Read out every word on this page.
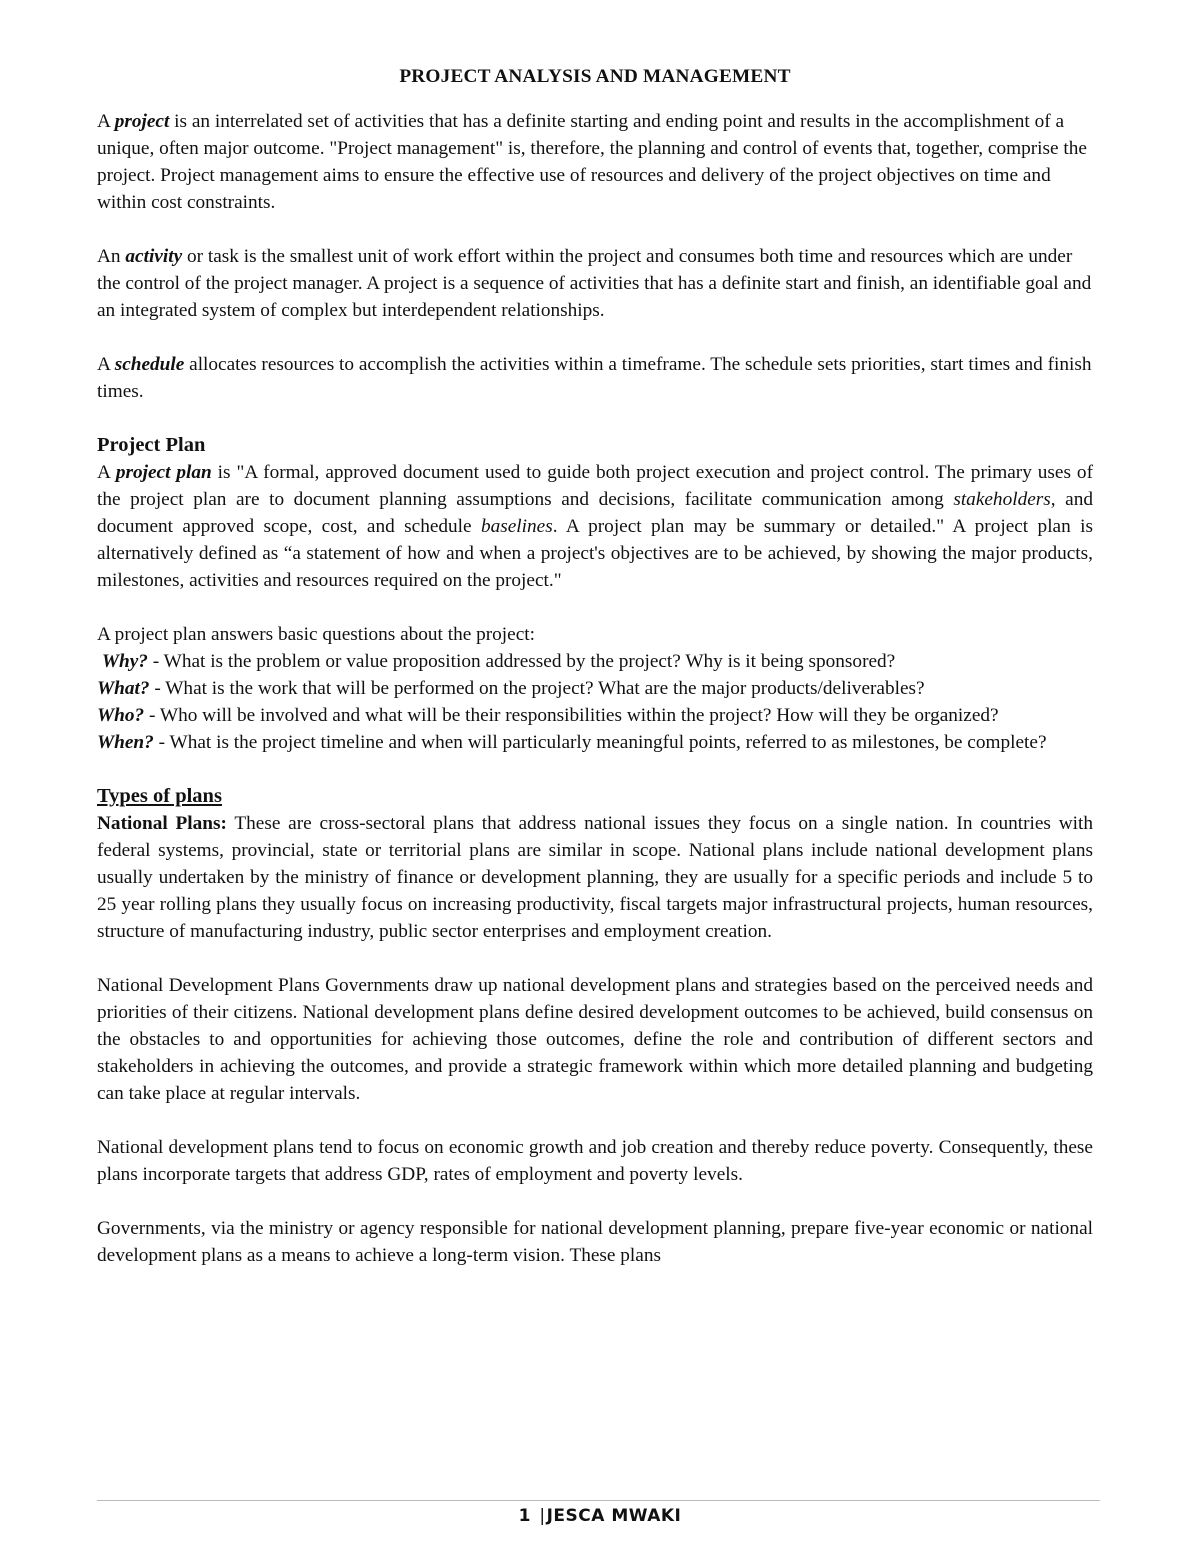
PROJECT ANALYSIS AND MANAGEMENT

A project is an interrelated set of activities that has a definite starting and ending point and results in the accomplishment of a unique, often major outcome. "Project management" is, therefore, the planning and control of events that, together, comprise the project. Project management aims to ensure the effective use of resources and delivery of the project objectives on time and within cost constraints.

An activity or task is the smallest unit of work effort within the project and consumes both time and resources which are under the control of the project manager. A project is a sequence of activities that has a definite start and finish, an identifiable goal and an integrated system of complex but interdependent relationships.

A schedule allocates resources to accomplish the activities within a timeframe. The schedule sets priorities, start times and finish times.

Project Plan

A project plan is "A formal, approved document used to guide both project execution and project control. The primary uses of the project plan are to document planning assumptions and decisions, facilitate communication among stakeholders, and document approved scope, cost, and schedule baselines. A project plan may be summary or detailed." A project plan is alternatively defined as “a statement of how and when a project's objectives are to be achieved, by showing the major products, milestones, activities and resources required on the project."

A project plan answers basic questions about the project:

Why? - What is the problem or value proposition addressed by the project? Why is it being sponsored?

What? - What is the work that will be performed on the project? What are the major products/deliverables?

Who? - Who will be involved and what will be their responsibilities within the project? How will they be organized?

When? - What is the project timeline and when will particularly meaningful points, referred to as milestones, be complete?

Types of plans

National Plans: These are cross-sectoral plans that address national issues they focus on a single nation. In countries with federal systems, provincial, state or territorial plans are similar in scope. National plans include national development plans usually undertaken by the ministry of finance or development planning, they are usually for a specific periods and include 5 to 25 year rolling plans they usually focus on increasing productivity, fiscal targets major infrastructural projects, human resources, structure of manufacturing industry, public sector enterprises and employment creation.

National Development Plans Governments draw up national development plans and strategies based on the perceived needs and priorities of their citizens. National development plans define desired development outcomes to be achieved, build consensus on the obstacles to and opportunities for achieving those outcomes, define the role and contribution of different sectors and stakeholders in achieving the outcomes, and provide a strategic framework within which more detailed planning and budgeting can take place at regular intervals.

National development plans tend to focus on economic growth and job creation and thereby reduce poverty. Consequently, these plans incorporate targets that address GDP, rates of employment and poverty levels.

Governments, via the ministry or agency responsible for national development planning, prepare five-year economic or national development plans as a means to achieve a long-term vision. These plans

1 |JESCA MWAKI
